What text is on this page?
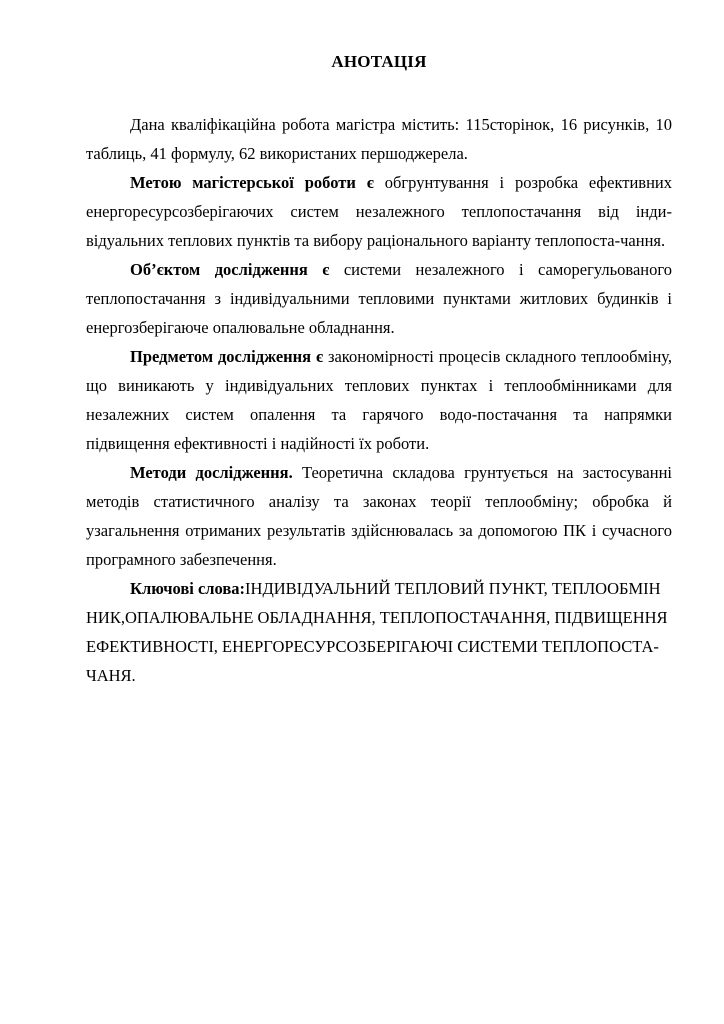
АНОТАЦІЯ

Дана кваліфікаційна робота магістра містить: 115сторінок, 16 рисунків, 10 таблиць, 41 формулу, 62 використаних першоджерела.

Метою магістерської роботи є обгрунтування і розробка ефективних енергоресурсозберігаючих систем незалежного теплопостачання від інди-відуальних теплових пунктів та вибору раціонального варіанту теплопоста-чання.

Об’єктом дослідження є системи незалежного і саморегульованого теплопостачання з індивідуальними тепловими пунктами житлових будинків і енергозберігаюче опалювальне обладнання.

Предметом дослідження є закономірності процесів складного теплообміну, що виникають у індивідуальних теплових пунктах і теплообмінниками для незалежних систем опалення та гарячого водо-постачання та напрямки підвищення ефективності і надійності їх роботи.

Методи дослідження. Теоретична складова грунтується на застосуванні методів статистичного аналізу та законах теорії теплообміну; обробка й узагальнення отриманих результатів здійснювалась за допомогою ПК і сучасного програмного забезпечення.

Ключові слова:ІНДИВІДУАЛЬНИЙ ТЕПЛОВИЙ ПУНКТ, ТЕПЛООБМІН НИК,ОПАЛЮВАЛЬНЕ ОБЛАДНАННЯ, ТЕПЛОПОСТАЧАННЯ, ПІДВИЩЕННЯ ЕФЕКТИВНОСТІ, ЕНЕРГОРЕСУРСОЗБЕРІГАЮЧІ СИСТЕМИ ТЕПЛОПОСТА-ЧАНЯ.
